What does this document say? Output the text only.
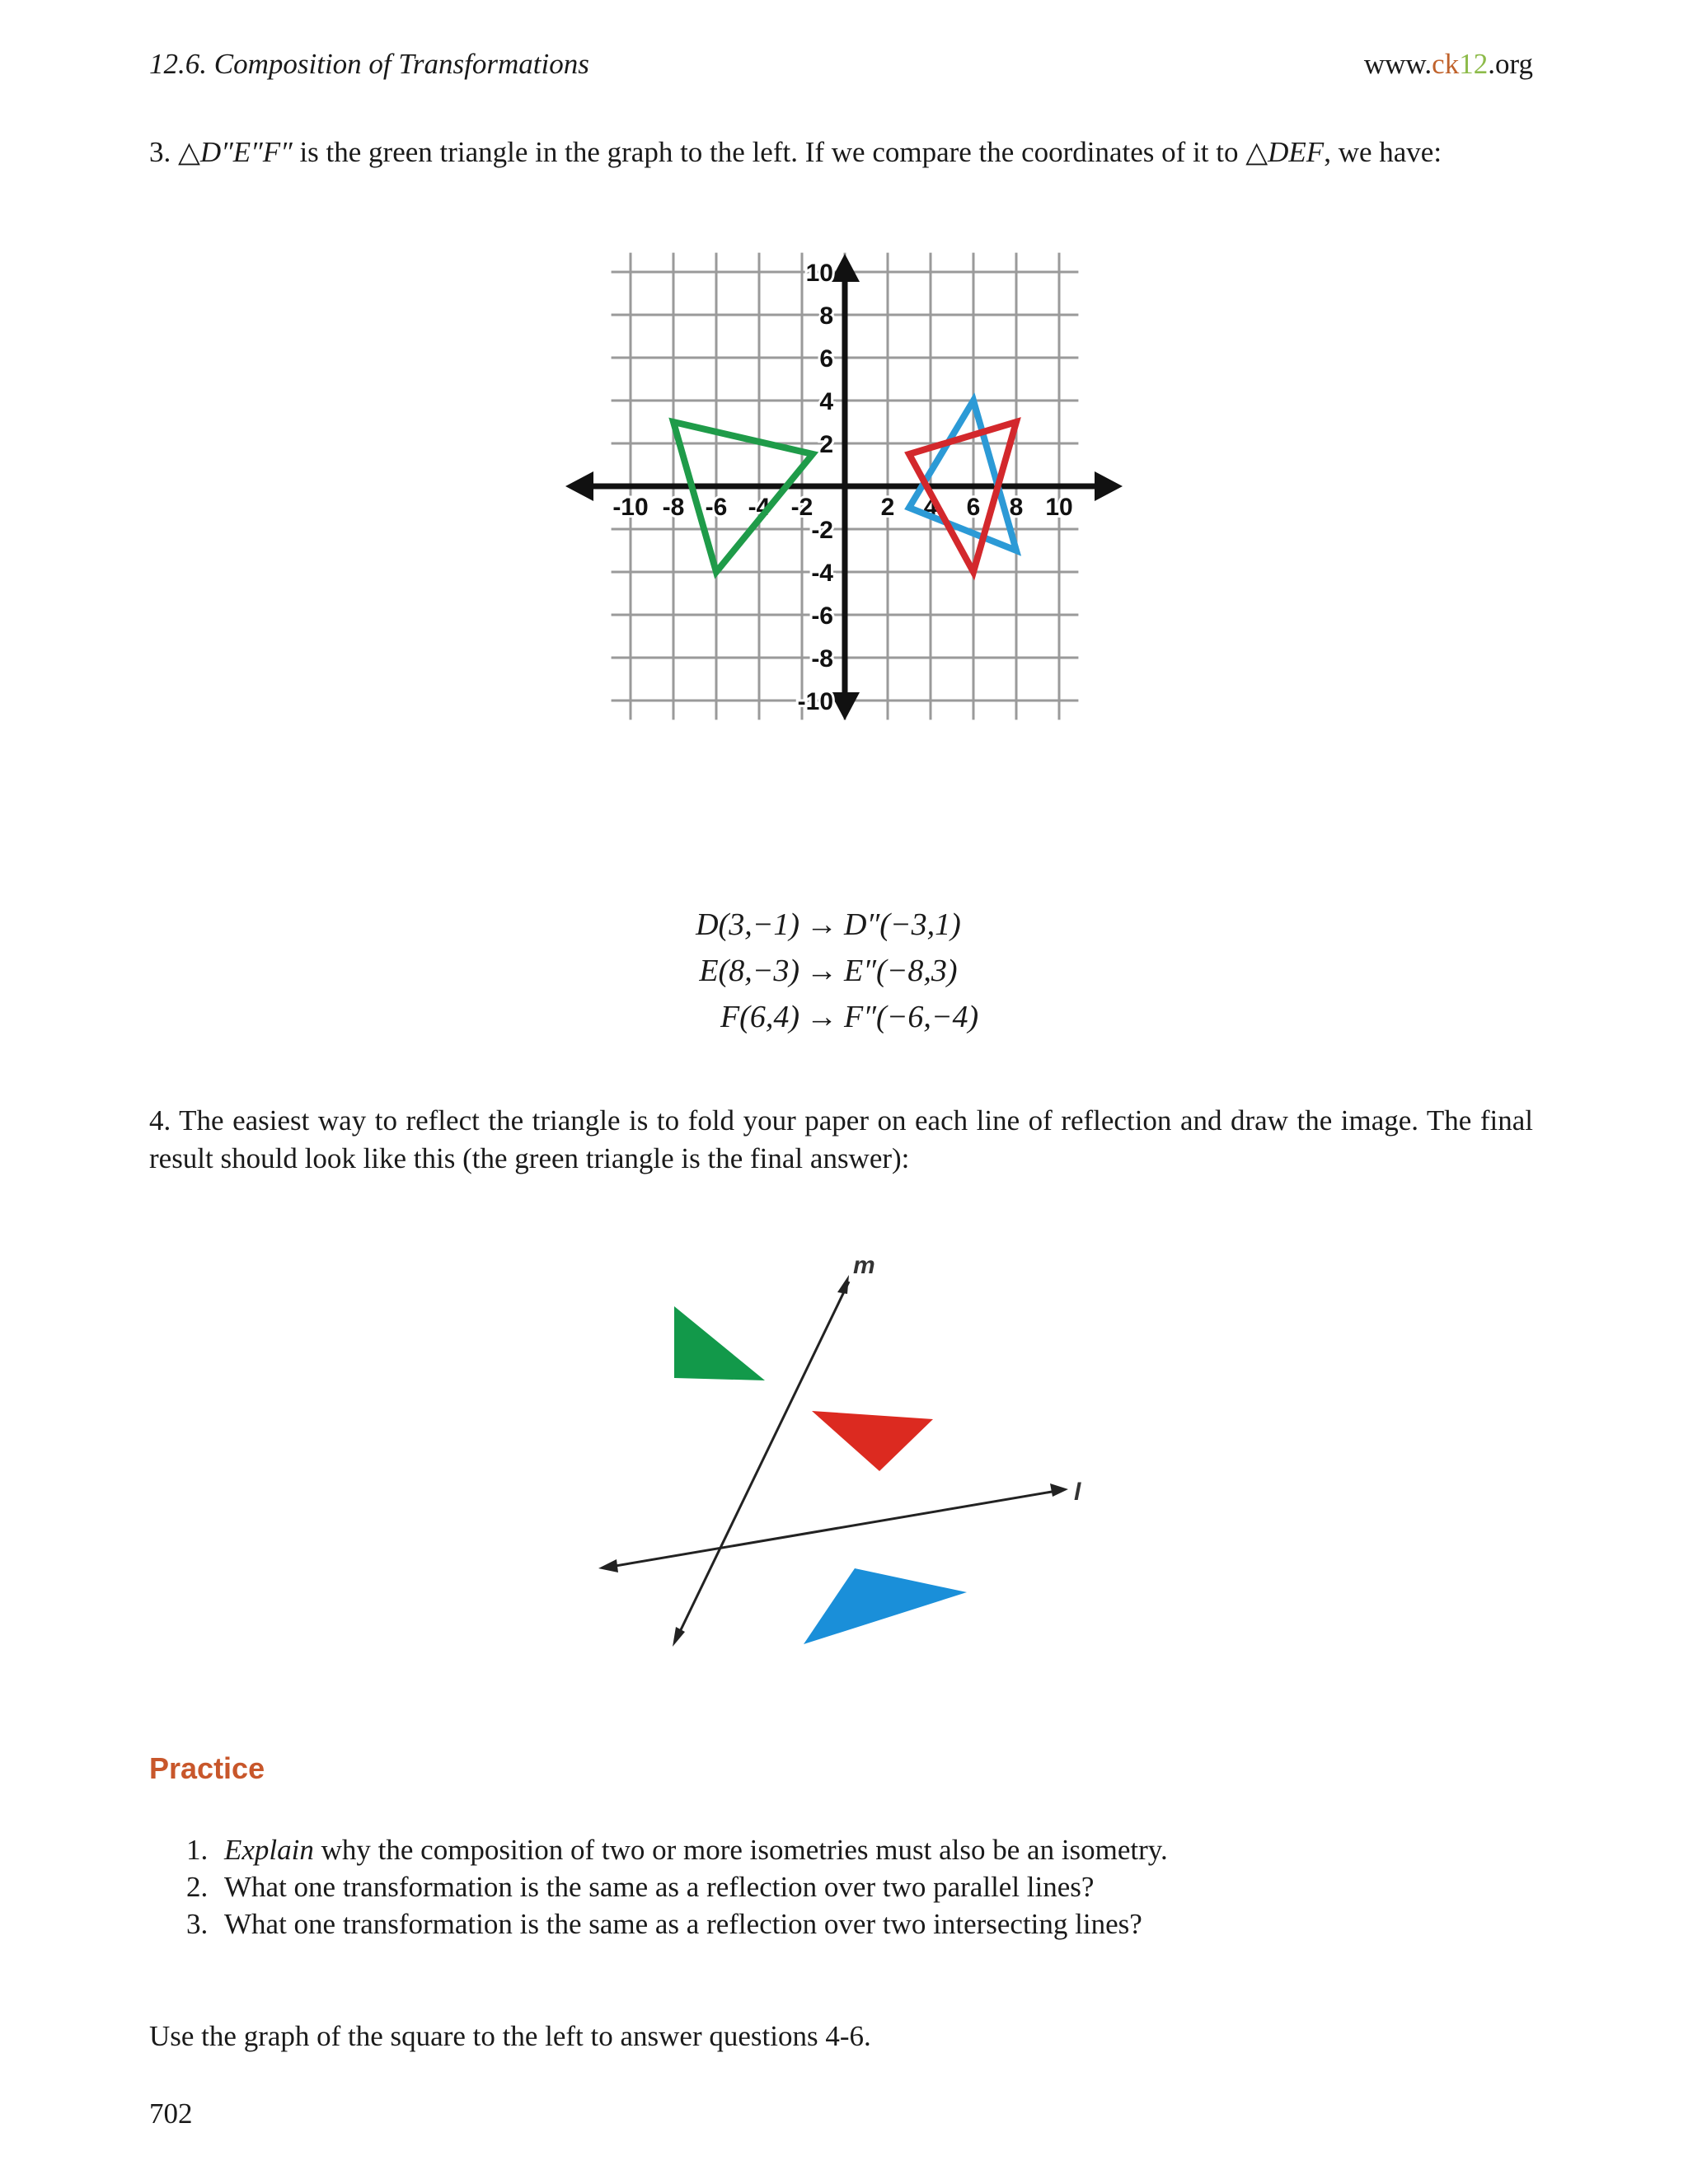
12.6. Composition of Transformations	www.ck12.org
3. △D″E″F″ is the green triangle in the graph to the left. If we compare the coordinates of it to △DEF, we have:
-10 -8 -6 -4 -2	2 4 6 8 10
10
8
6
4
2
-2
-4
-6
-8
-10
D(3,−1) → D″(−3,1)
E(8,−3) → E″(−8,3)
F(6,4) → F″(−6,−4)
4. The easiest way to reflect the triangle is to fold your paper on each line of reflection and draw the image. The final result should look like this (the green triangle is the final answer):
m
l
Practice
1. Explain why the composition of two or more isometries must also be an isometry.
2. What one transformation is the same as a reflection over two parallel lines?
3. What one transformation is the same as a reflection over two intersecting lines?
Use the graph of the square to the left to answer questions 4-6.
702
